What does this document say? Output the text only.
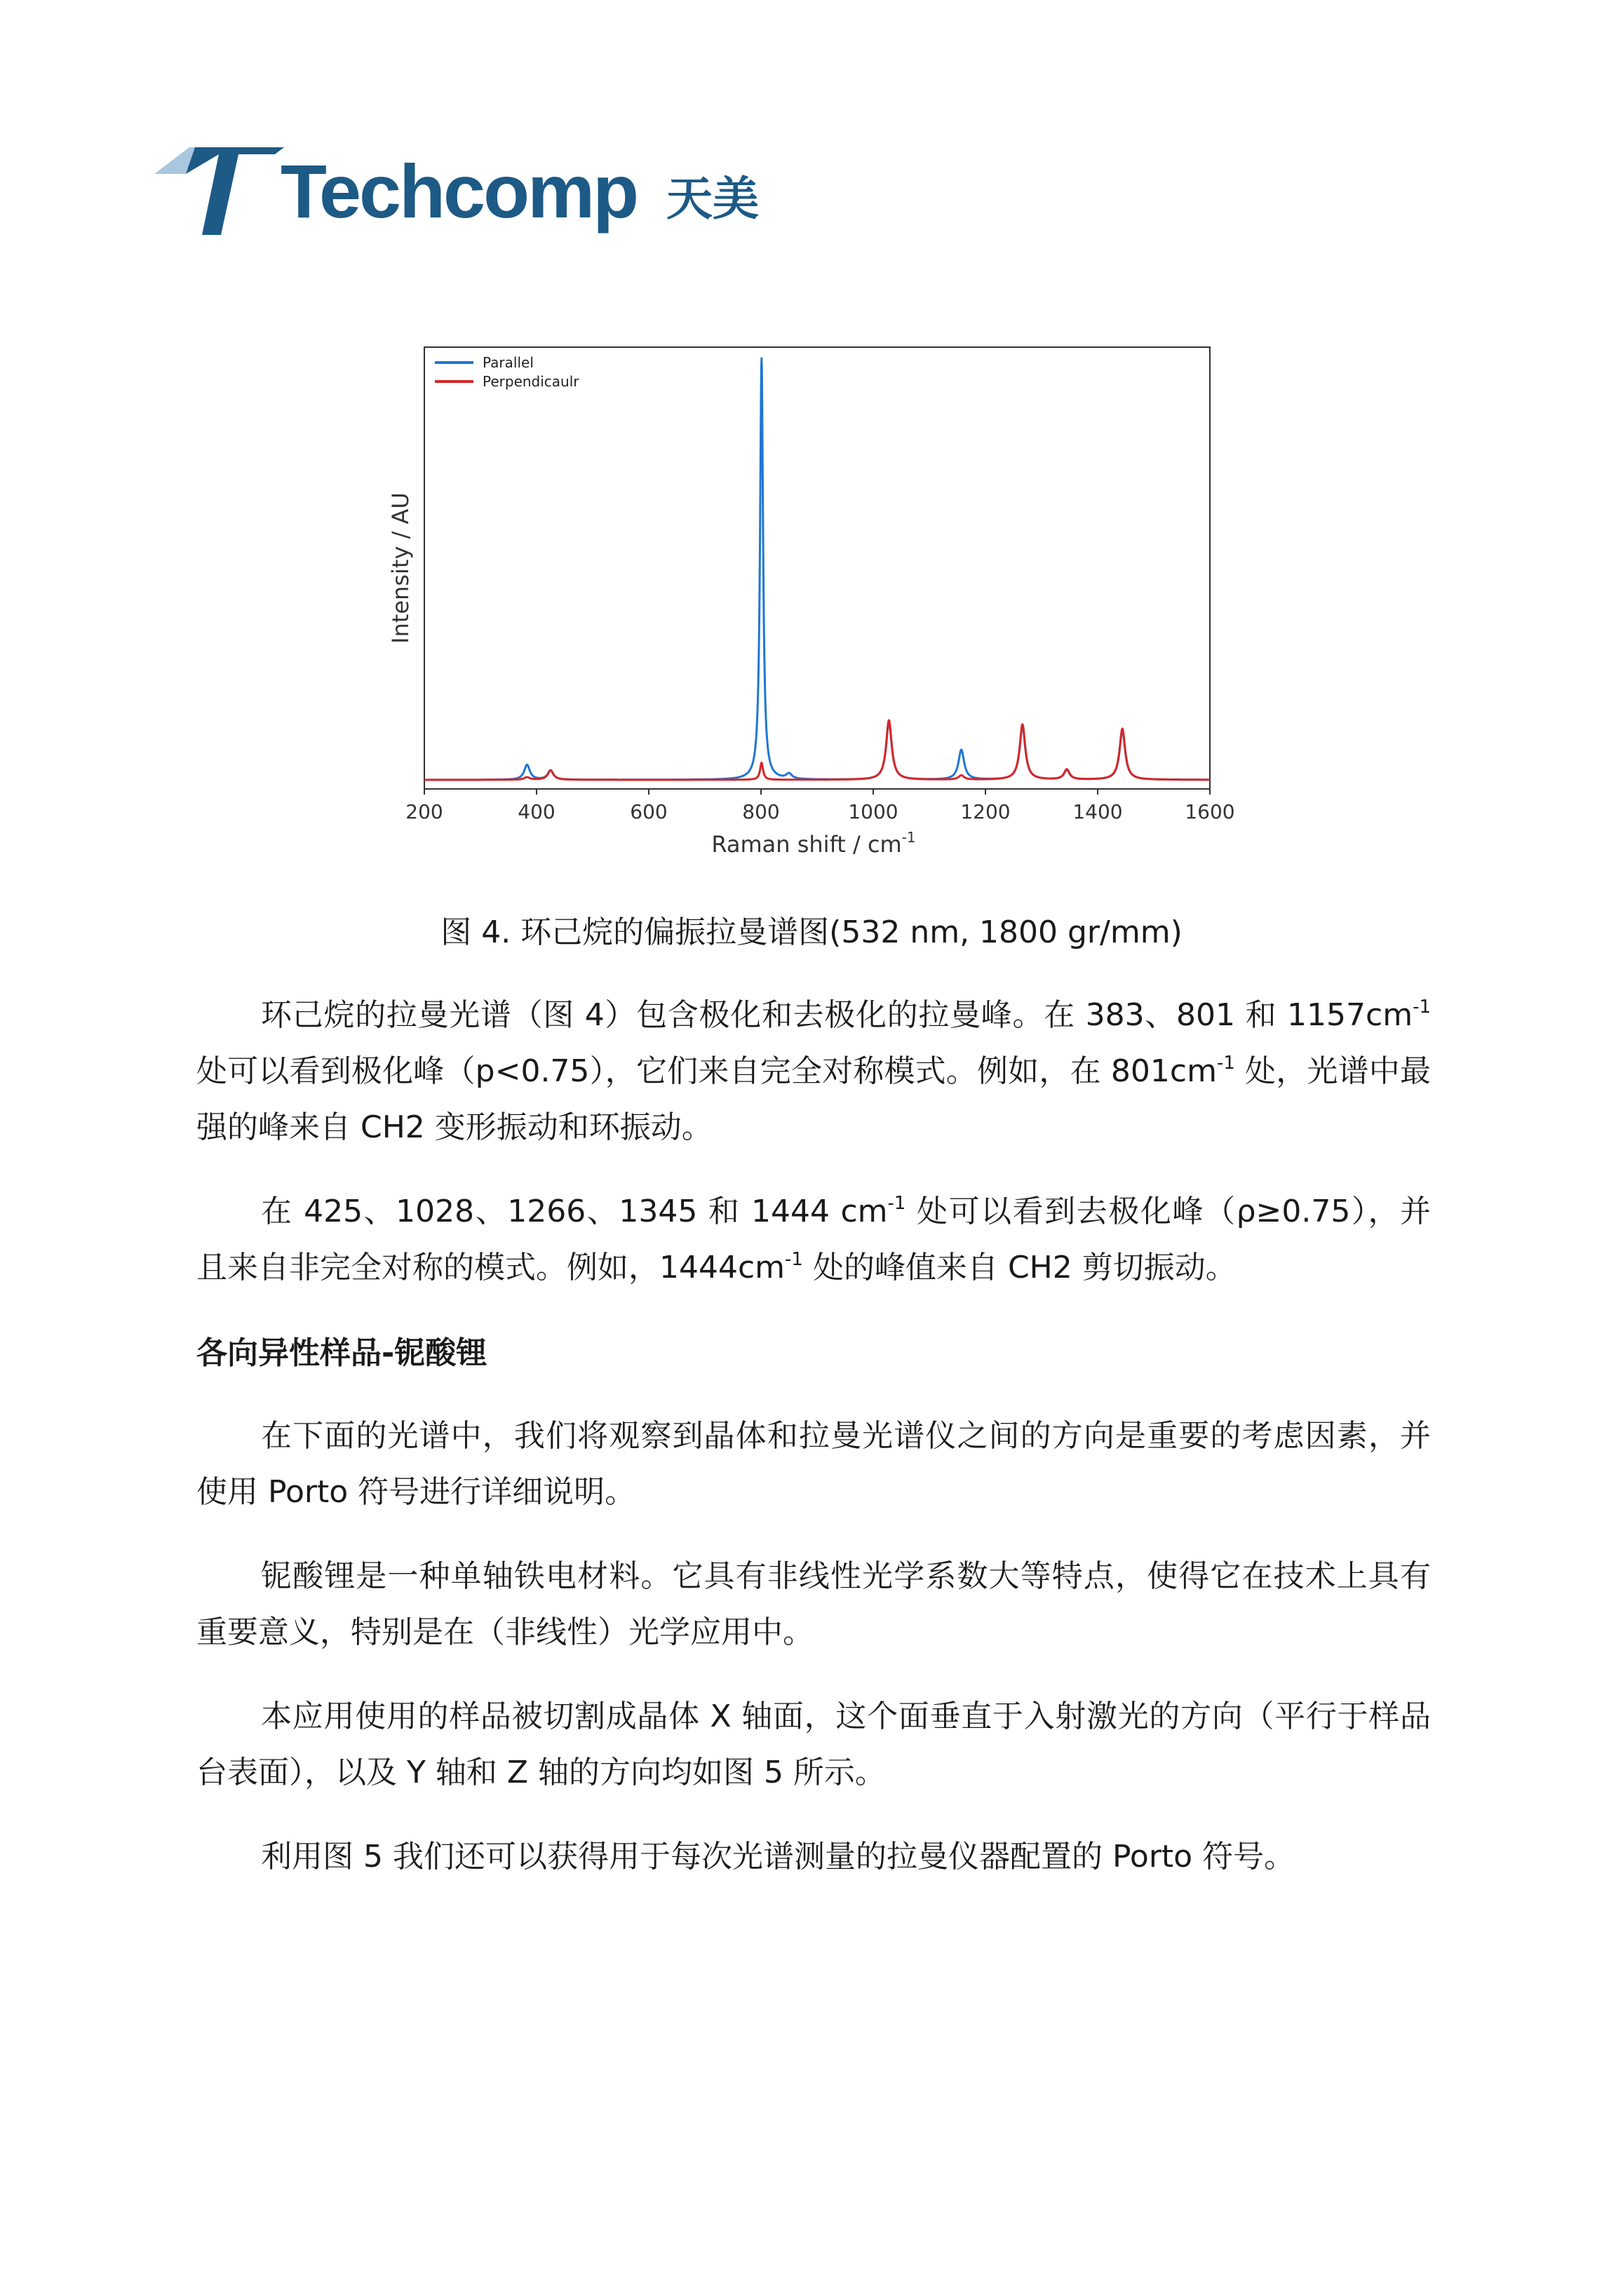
Techcomp 天美
200	400	600	800	1000	1200	1400	1600
Intensity / AU
Raman shift / $cm^{-1}$
Parallel
Perpendicaulr
图 4. 环己烷的偏振拉曼谱图(532 nm, 1800 gr/mm)

环己烷的拉曼光谱（图 4）包含极化和去极化的拉曼峰。在 383、801 和 $1157cm^{-1}$ 处可以看到极化峰（p<0.75），它们来自完全对称模式。例如，在 $801cm^{-1}$ 处，光谱中最强的峰来自 CH2 变形振动和环振动。

在 425、1028、1266、1345 和 1444 $cm^{-1}$ 处可以看到去极化峰（ρ≥0.75），并且来自非完全对称的模式。例如，$1444cm^{-1}$ 处的峰值来自 CH2 剪切振动。

各向异性样品-铌酸锂

在下面的光谱中，我们将观察到晶体和拉曼光谱仪之间的方向是重要的考虑因素，并使用 Porto 符号进行详细说明。

铌酸锂是一种单轴铁电材料。它具有非线性光学系数大等特点，使得它在技术上具有重要意义，特别是在（非线性）光学应用中。

本应用使用的样品被切割成晶体 X 轴面，这个面垂直于入射激光的方向（平行于样品台表面），以及 Y 轴和 Z 轴的方向均如图 5 所示。

利用图 5 我们还可以获得用于每次光谱测量的拉曼仪器配置的 Porto 符号。
